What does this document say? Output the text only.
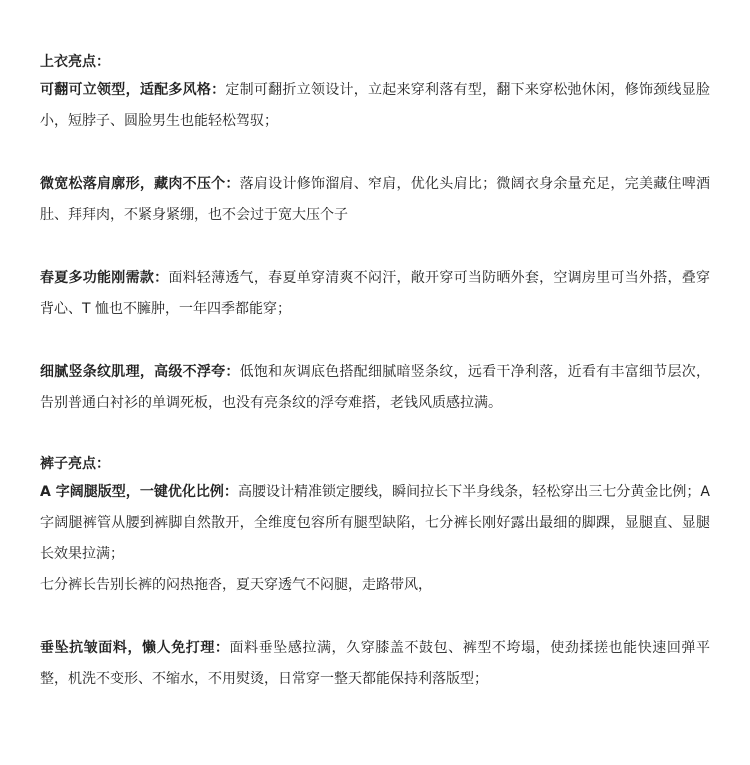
上衣亮点：

可翻可立领型，适配多风格：定制可翻折立领设计，立起来穿利落有型，翻下来穿松弛休闲，修饰颈线显脸小，短脖子、圆脸男生也能轻松驾驭；

微宽松落肩廓形，藏肉不压个：落肩设计修饰溜肩、窄肩，优化头肩比；微阔衣身余量充足，完美藏住啤酒肚、拜拜肉，不紧身紧绷，也不会过于宽大压个子

春夏多功能刚需款：面料轻薄透气，春夏单穿清爽不闷汗，敞开穿可当防晒外套，空调房里可当外搭，叠穿背心、T 恤也不臃肿，一年四季都能穿；

细腻竖条纹肌理，高级不浮夸：低饱和灰调底色搭配细腻暗竖条纹，远看干净利落，近看有丰富细节层次，告别普通白衬衫的单调死板，也没有亮条纹的浮夸难搭，老钱风质感拉满。

裤子亮点：

A 字阔腿版型，一键优化比例：高腰设计精准锁定腰线，瞬间拉长下半身线条，轻松穿出三七分黄金比例；A 字阔腿裤管从腰到裤脚自然散开，全维度包容所有腿型缺陷，七分裤长刚好露出最细的脚踝，显腿直、显腿长效果拉满；

七分裤长告别长裤的闷热拖沓，夏天穿透气不闷腿，走路带风，

垂坠抗皱面料，懒人免打理：面料垂坠感拉满，久穿膝盖不鼓包、裤型不垮塌，使劲揉搓也能快速回弹平整，机洗不变形、不缩水，不用熨烫，日常穿一整天都能保持利落版型；
